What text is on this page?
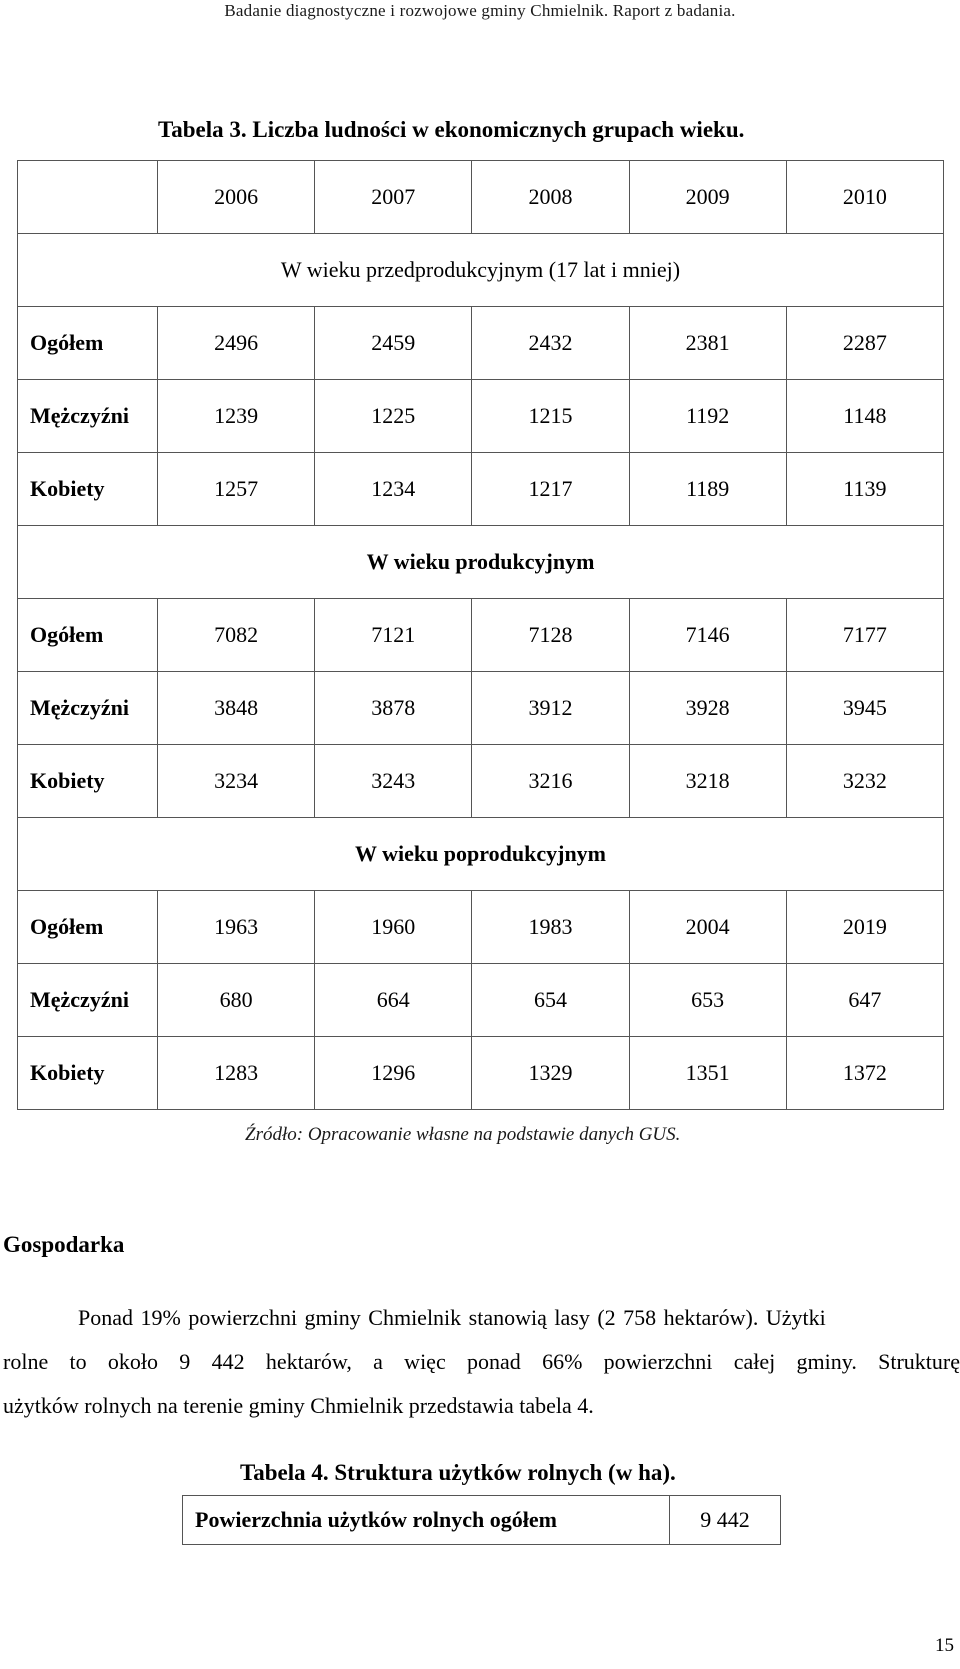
Badanie diagnostyczne i rozwojowe gminy Chmielnik. Raport z badania.
Tabela 3. Liczba ludności w ekonomicznych grupach wieku.
	2006	2007	2008	2009	2010
W wieku przedprodukcyjnym (17 lat i mniej)					
Ogółem	2496	2459	2432	2381	2287
Mężczyźni	1239	1225	1215	1192	1148
Kobiety	1257	1234	1217	1189	1139
W wieku produkcyjnym					
Ogółem	7082	7121	7128	7146	7177
Mężczyźni	3848	3878	3912	3928	3945
Kobiety	3234	3243	3216	3218	3232
W wieku poprodukcyjnym					
Ogółem	1963	1960	1983	2004	2019
Mężczyźni	680	664	654	653	647
Kobiety	1283	1296	1329	1351	1372
Źródło: Opracowanie własne na podstawie danych GUS.
Gospodarka
Ponad 19% powierzchni gminy Chmielnik stanowią lasy (2 758 hektarów). Użytki
rolne to około 9 442 hektarów, a więc ponad 66% powierzchni całej gminy. Strukturę
użytków rolnych na terenie gminy Chmielnik przedstawia tabela 4.
Tabela 4. Struktura użytków rolnych (w ha).
Powierzchnia użytków rolnych ogółem	9 442
15
